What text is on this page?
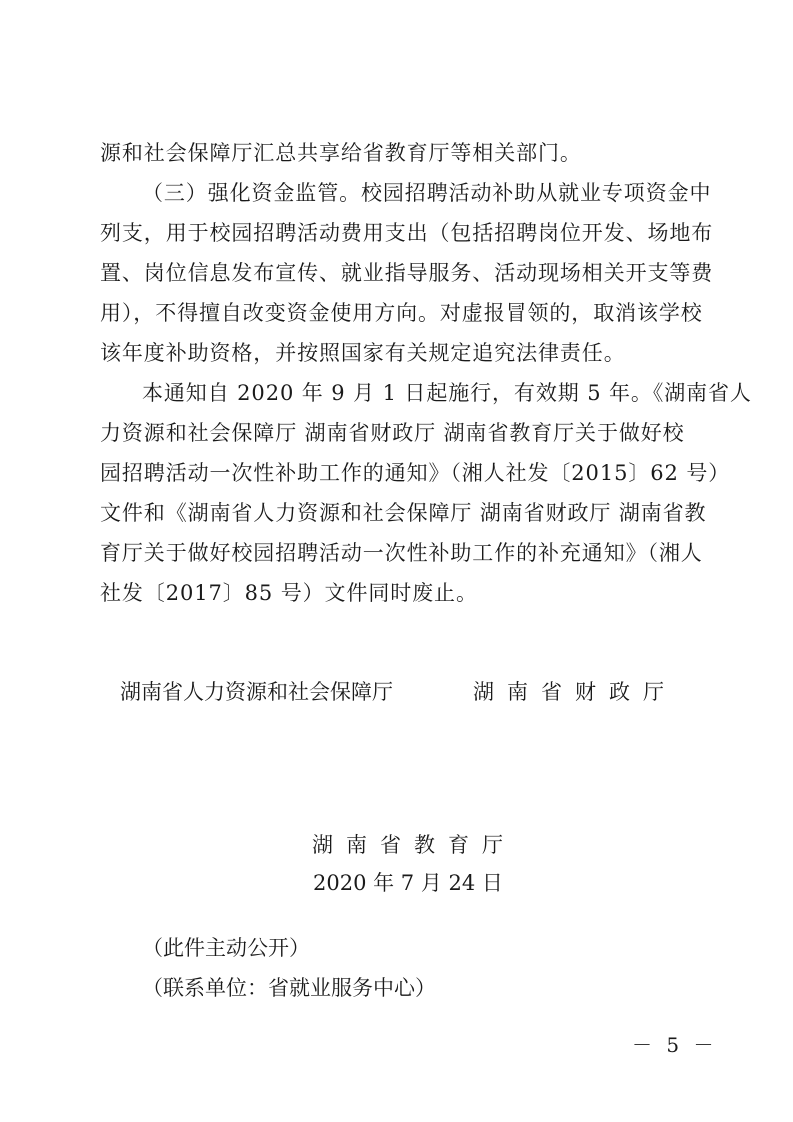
源和社会保障厅汇总共享给省教育厅等相关部门。
（三）强化资金监管。校园招聘活动补助从就业专项资金中
列支，用于校园招聘活动费用支出（包括招聘岗位开发、场地布
置、岗位信息发布宣传、就业指导服务、活动现场相关开支等费
用），不得擅自改变资金使用方向。对虚报冒领的，取消该学校
该年度补助资格，并按照国家有关规定追究法律责任。
本通知自 2020 年 9 月 1 日起施行，有效期 5 年。《湖南省人
力资源和社会保障厅 湖南省财政厅 湖南省教育厅关于做好校
园招聘活动一次性补助工作的通知》（湘人社发〔2015〕62 号）
文件和《湖南省人力资源和社会保障厅 湖南省财政厅 湖南省教
育厅关于做好校园招聘活动一次性补助工作的补充通知》（湘人
社发〔2017〕85 号）文件同时废止。
湖南省人力资源和社会保障厅	湖南省财政厅
湖南省教育厅
2020 年 7 月 24 日
（此件主动公开）
（联系单位：省就业服务中心）
－ 5 －
